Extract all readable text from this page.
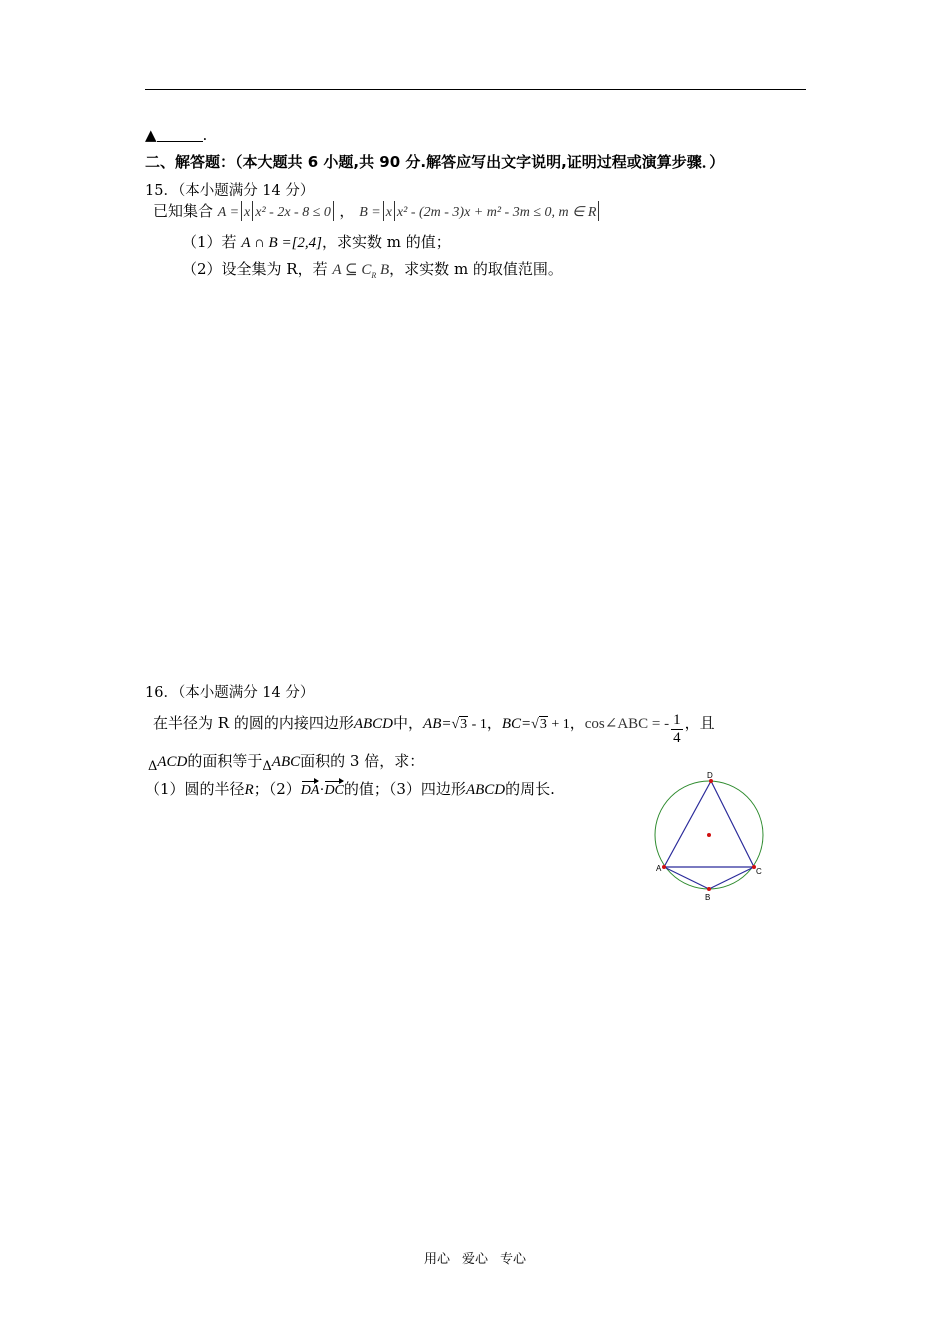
▲	.
二、解答题：（本大题共 6 小题,共 90 分.解答应写出文字说明,证明过程或演算步骤．）
15．（本小题满分 14 分）
已知集合 A = x x² - 2x - 8 ≤ 0 ， B = x x² - (2m - 3)x + m² - 3m ≤ 0, m ∈ R
（1）若 A ∩ B =[2,4]，求实数 m 的值；
（2）设全集为 R，若 A ⊆ $C_R$ B，求实数 m 的取值范围。
16．（本小题满分 14 分）
在半径为 R 的圆的内接四边形ABCD中，AB=√3 - 1，BC=√3 + 1，cos∠ABC = - $\frac{1}{4}$ ，且
ΔACD的面积等于ΔABC面积的 3 倍，求：
（1）圆的半径R；（2）DA·DC的值；（3）四边形ABCD的周长.
D
A
B
C
用心 爱心 专心
